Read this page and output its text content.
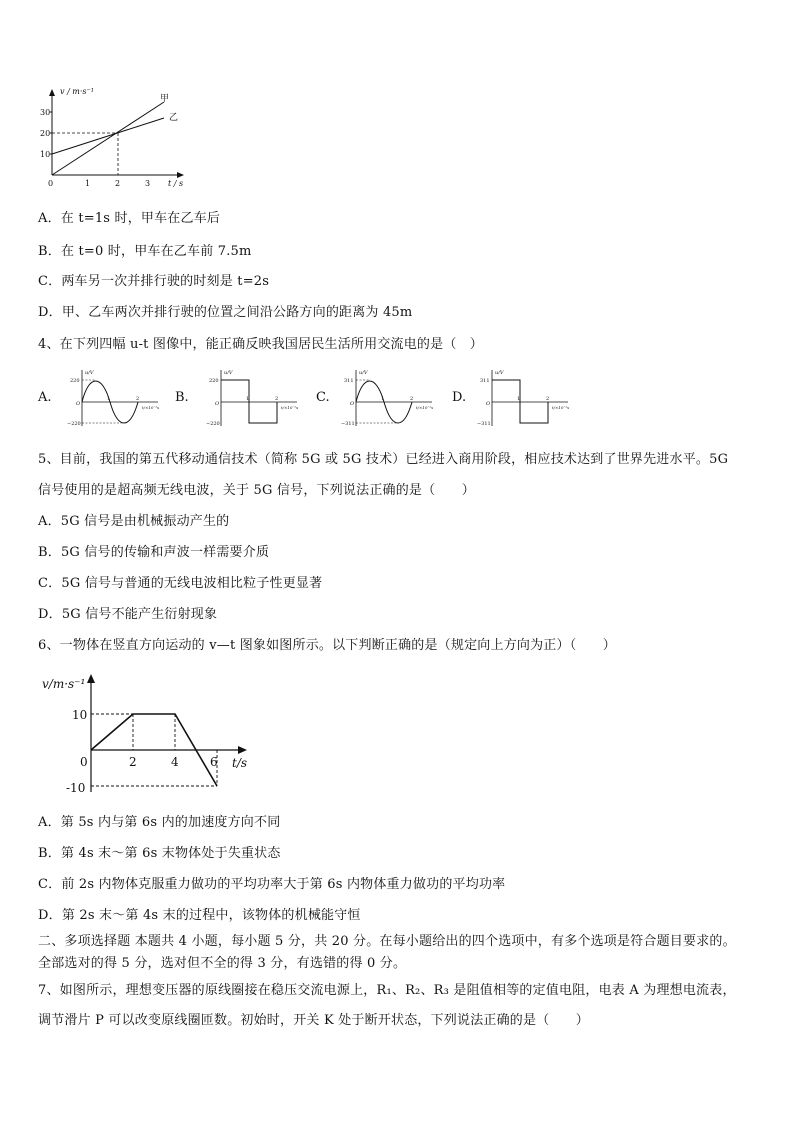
v / m·s⁻¹
30
20
10
0	1	2	3 t / s
甲
乙
A．在 t=1s 时，甲车在乙车后
B．在 t=0 时，甲车在乙车前 7.5m
C．两车另一次并排行驶的时刻是 t=2s
D．甲、乙车两次并排行驶的位置之间沿公路方向的距离为 45m
4、在下列四幅 u-t 图像中，能正确反映我国居民生活所用交流电的是（　）
A.	B.	C.	D.
u/V
220
−220
O
1	2
t/×10⁻²s
u/V
220
−220
O
1	2
t/×10⁻²s
u/V
311
−311
O
1	2
t/×10⁻²s
u/V
311
−311
O
1	2
t/×10⁻²s
5、目前，我国的第五代移动通信技术（简称 5G 或 5G 技术）已经进入商用阶段，相应技术达到了世界先进水平。5G
信号使用的是超高频无线电波，关于 5G 信号，下列说法正确的是（　　）
A．5G 信号是由机械振动产生的
B．5G 信号的传输和声波一样需要介质
C．5G 信号与普通的无线电波相比粒子性更显著
D．5G 信号不能产生衍射现象
6、一物体在竖直方向运动的 v—t 图象如图所示。以下判断正确的是（规定向上方向为正）（　　）
v/m·s⁻¹
10
-10
0	2	4	6 t/s
A．第 5s 内与第 6s 内的加速度方向不同
B．第 4s 末～第 6s 末物体处于失重状态
C．前 2s 内物体克服重力做功的平均功率大于第 6s 内物体重力做功的平均功率
D．第 2s 末～第 4s 末的过程中，该物体的机械能守恒
二、多项选择题 本题共 4 小题，每小题 5 分，共 20 分。在每小题给出的四个选项中，有多个选项是符合题目要求的。
全部选对的得 5 分，选对但不全的得 3 分，有选错的得 0 分。
7、如图所示，理想变压器的原线圈接在稳压交流电源上，R₁、R₂、R₃ 是阻值相等的定值电阻，电表 A 为理想电流表，
调节滑片 P 可以改变原线圈匝数。初始时，开关 K 处于断开状态，下列说法正确的是（　　）
